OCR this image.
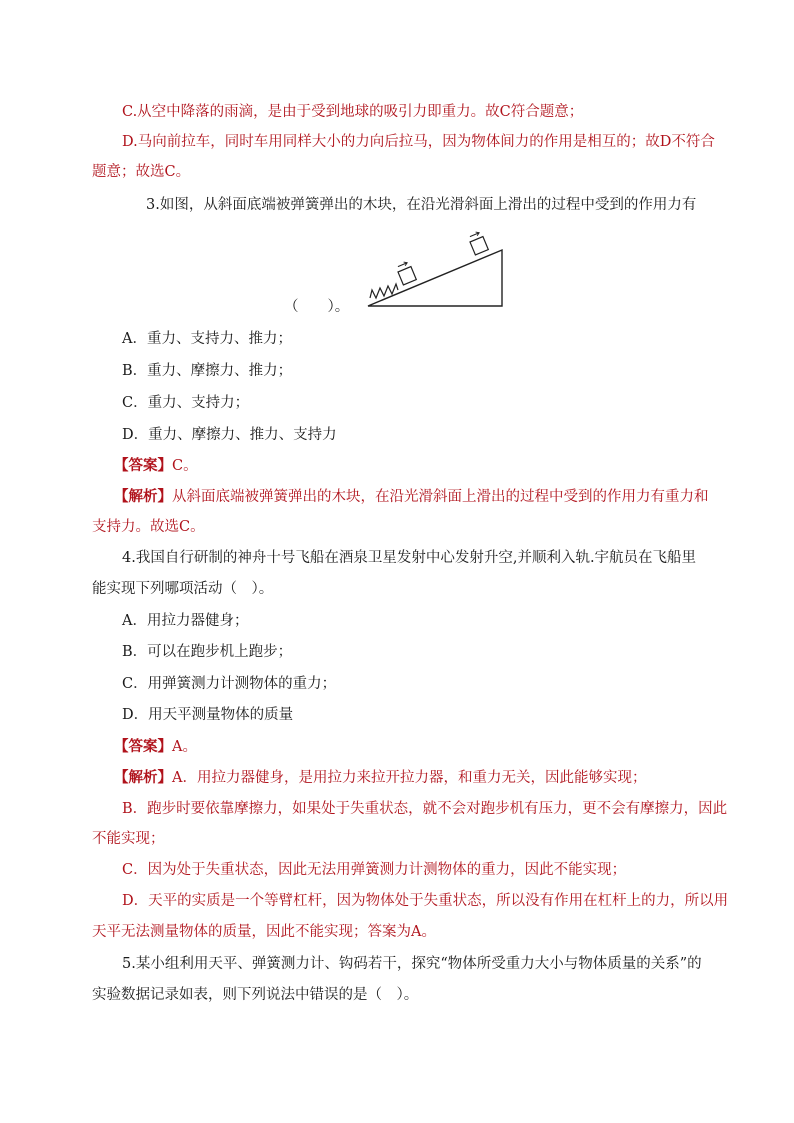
C.从空中降落的雨滴，是由于受到地球的吸引力即重力。故C符合题意；
D.马向前拉车，同时车用同样大小的力向后拉马，因为物体间力的作用是相互的；故D不符合
题意；故选C。
3.如图，从斜面底端被弹簧弹出的木块，在沿光滑斜面上滑出的过程中受到的作用力有
（　　）。
A．重力、支持力、推力；
B．重力、摩擦力、推力；
C．重力、支持力；
D．重力、摩擦力、推力、支持力
【答案】C。
【解析】从斜面底端被弹簧弹出的木块，在沿光滑斜面上滑出的过程中受到的作用力有重力和
支持力。故选C。
4.我国自行研制的神舟十号飞船在酒泉卫星发射中心发射升空,并顺利入轨.宇航员在飞船里
能实现下列哪项活动（　）。
A．用拉力器健身；
B．可以在跑步机上跑步；
C．用弹簧测力计测物体的重力；
D．用天平测量物体的质量
【答案】A。
【解析】A．用拉力器健身，是用拉力来拉开拉力器，和重力无关，因此能够实现；
B．跑步时要依靠摩擦力，如果处于失重状态，就不会对跑步机有压力，更不会有摩擦力，因此
不能实现；
C．因为处于失重状态，因此无法用弹簧测力计测物体的重力，因此不能实现；
D．天平的实质是一个等臂杠杆，因为物体处于失重状态，所以没有作用在杠杆上的力，所以用
天平无法测量物体的质量，因此不能实现；答案为A。
5.某小组利用天平、弹簧测力计、钩码若干，探究“物体所受重力大小与物体质量的关系”的
实验数据记录如表，则下列说法中错误的是（　）。
